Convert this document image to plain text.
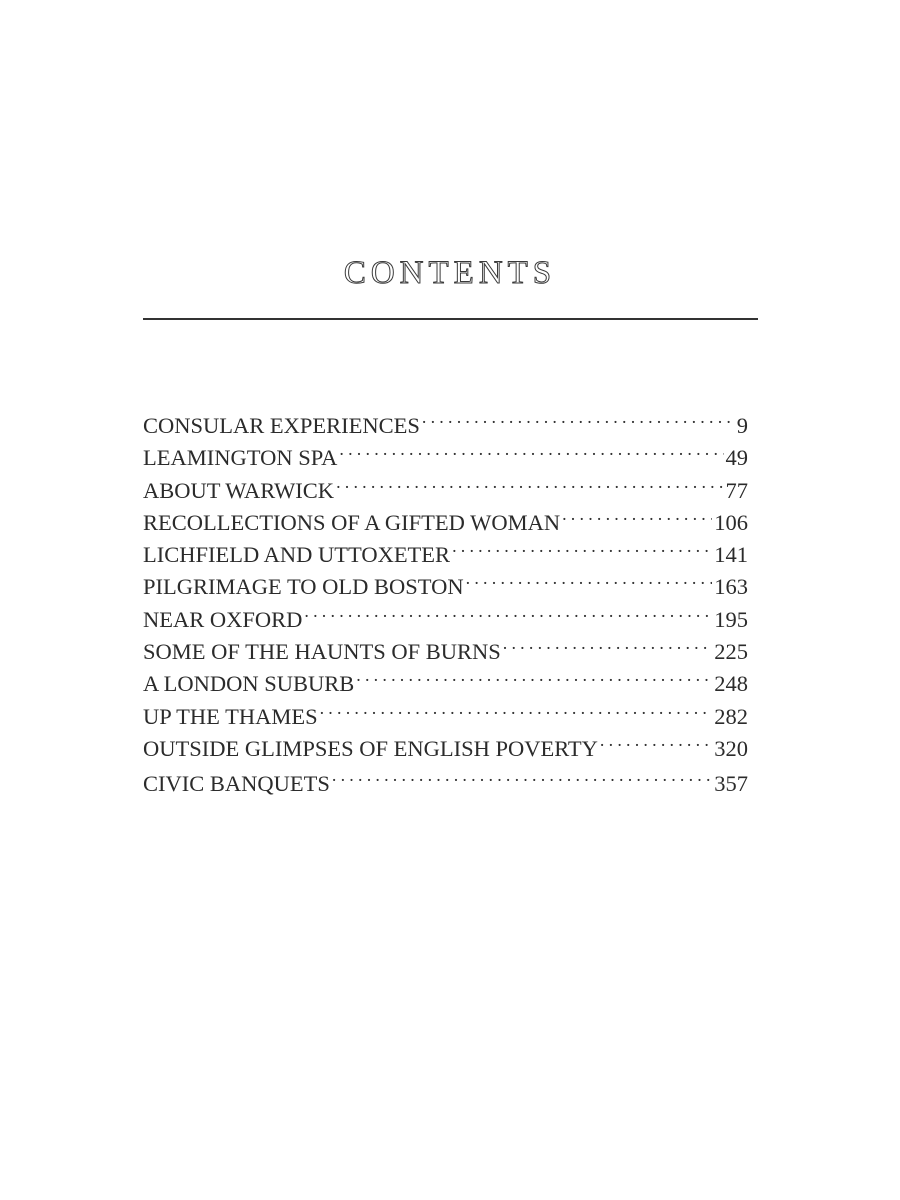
CONTENTS
CONSULAR EXPERIENCES .....	9
LEAMINGTON SPA .....	49
ABOUT WARWICK .....	77
RECOLLECTIONS OF A GIFTED WOMAN .....	106
LICHFIELD AND UTTOXETER .....	141
PILGRIMAGE TO OLD BOSTON .....	163
NEAR OXFORD .....	195
SOME OF THE HAUNTS OF BURNS .....	225
A LONDON SUBURB .....	248
UP THE THAMES .....	282
OUTSIDE GLIMPSES OF ENGLISH POVERTY .....	320
CIVIC BANQUETS .....	357
